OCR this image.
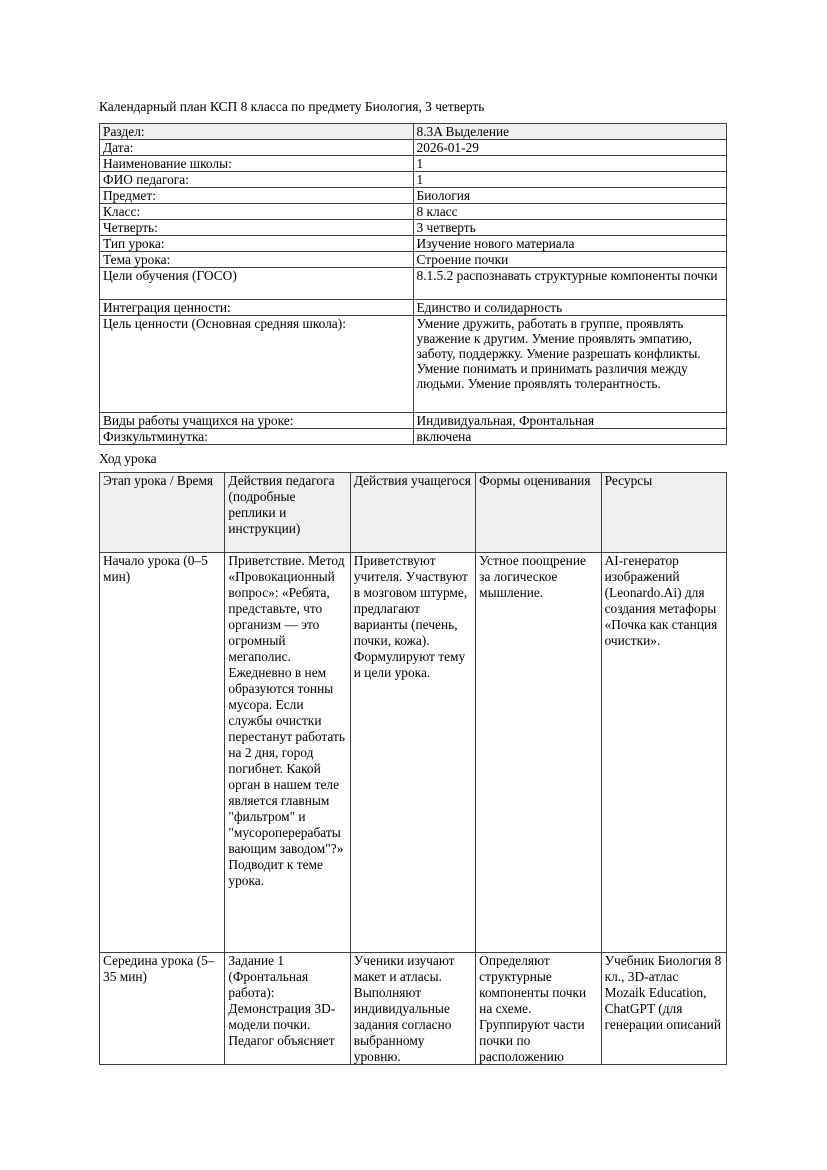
Календарный план КСП 8 класса по предмету Биология, 3 четверть

Раздел:	8.3A Выделение
Дата:	2026-01-29
Наименование школы:	1
ФИО педагога:	1
Предмет:	Биология
Класс:	8 класс
Четверть:	3 четверть
Тип урока:	Изучение нового материала
Тема урока:	Строение почки
Цели обучения (ГОСО)	8.1.5.2 распознавать структурные компоненты почки
Интеграция ценности:	Единство и солидарность
Цель ценности (Основная средняя школа):	Умение дружить, работать в группе, проявлять уважение к другим. Умение проявлять эмпатию, заботу, поддержку. Умение разрешать конфликты. Умение понимать и принимать различия между людьми. Умение проявлять толерантность.
Виды работы учащихся на уроке:	Индивидуальная, Фронтальная
Физкультминутка:	включена

Ход урока

Этап урока / Время	Действия педагога (подробные реплики и инструкции)	Действия учащегося	Формы оценивания	Ресурсы
Начало урока (0–5 мин)	Приветствие. Метод «Провокационный вопрос»: «Ребята, представьте, что организм — это огромный мегаполис. Ежедневно в нем образуются тонны мусора. Если службы очистки перестанут работать на 2 дня, город погибнет. Какой орган в нашем теле является главным "фильтром" и "мусороперерабатывающим заводом"?» Подводит к теме урока.	Приветствуют учителя. Участвуют в мозговом штурме, предлагают варианты (печень, почки, кожа). Формулируют тему и цели урока.	Устное поощрение за логическое мышление.	AI-генератор изображений (Leonardo.Ai) для создания метафоры «Почка как станция очистки».

Середина урока (5–35 мин)	Задание 1 (Фронтальная работа): Демонстрация 3D-модели почки. Педагог объясняет	Ученики изучают макет и атласы. Выполняют индивидуальные задания согласно выбранному уровню.	Определяют структурные компоненты почки на схеме. Группируют части почки по расположению	Учебник Биология 8 кл., 3D-атлас Mozaik Education, ChatGPT (для генерации описаний
